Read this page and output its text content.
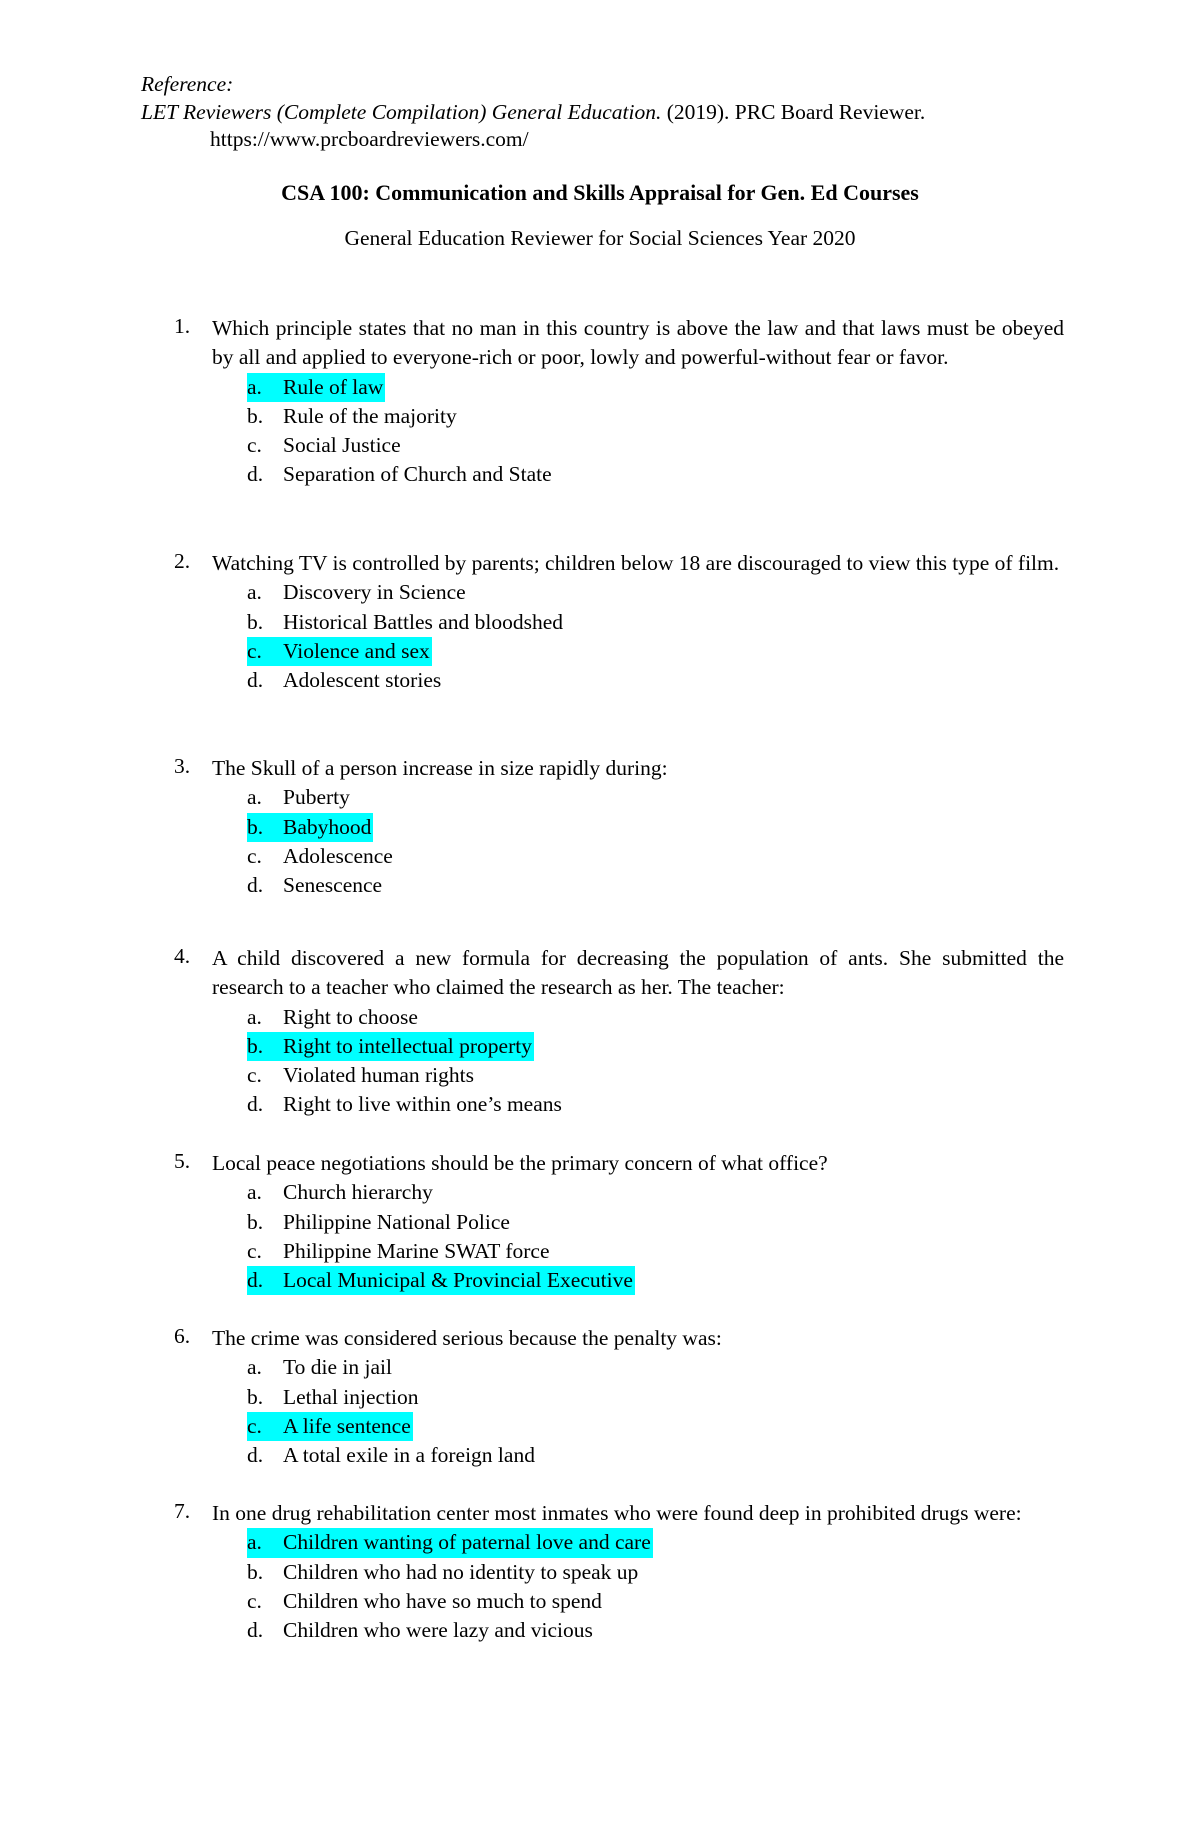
Reference:
LET Reviewers (Complete Compilation) General Education. (2019). PRC Board Reviewer.
https://www.prcboardreviewers.com/
CSA 100: Communication and Skills Appraisal for Gen. Ed Courses
General Education Reviewer for Social Sciences Year 2020
1.	Which principle states that no man in this country is above the law and that laws must be obeyed by all and applied to everyone-rich or poor, lowly and powerful-without fear or favor.
a. Rule of law
b. Rule of the majority
c. Social Justice
d. Separation of Church and State
2.	Watching TV is controlled by parents; children below 18 are discouraged to view this type of film.
a. Discovery in Science
b. Historical Battles and bloodshed
c. Violence and sex
d. Adolescent stories
3.	The Skull of a person increase in size rapidly during:
a. Puberty
b. Babyhood
c. Adolescence
d. Senescence
4.	A child discovered a new formula for decreasing the population of ants. She submitted the research to a teacher who claimed the research as her. The teacher:
a. Right to choose
b. Right to intellectual property
c. Violated human rights
d. Right to live within one’s means
5.	Local peace negotiations should be the primary concern of what office?
a. Church hierarchy
b. Philippine National Police
c. Philippine Marine SWAT force
d. Local Municipal & Provincial Executive
6.	The crime was considered serious because the penalty was:
a. To die in jail
b. Lethal injection
c. A life sentence
d. A total exile in a foreign land
7.	In one drug rehabilitation center most inmates who were found deep in prohibited drugs were:
a. Children wanting of paternal love and care
b. Children who had no identity to speak up
c. Children who have so much to spend
d. Children who were lazy and vicious
